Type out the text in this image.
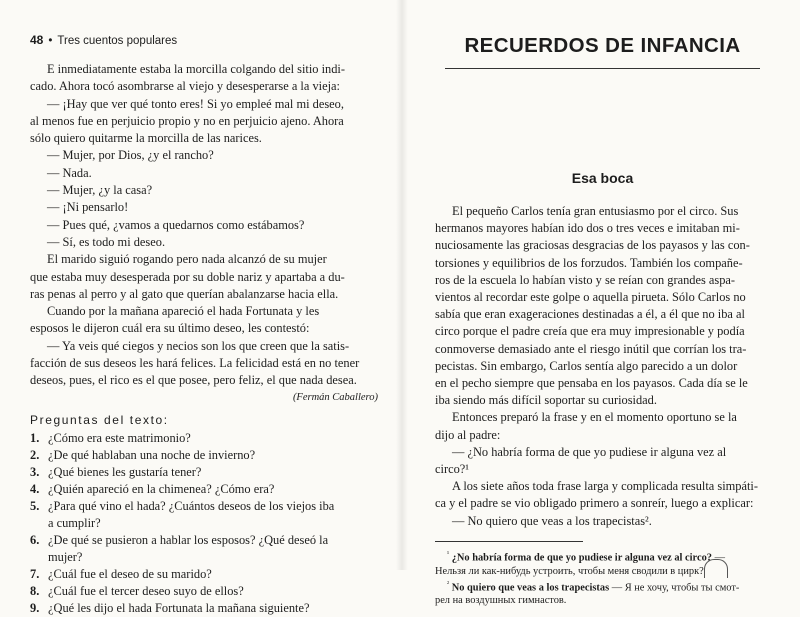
48 • Tres cuentos populares

E inmediatamente estaba la morcilla colgando del sitio indi-

cado. Ahora tocó asombrarse al viejo y desesperarse a la vieja:

— ¡Hay que ver qué tonto eres! Si yo empleé mal mi deseo,

al menos fue en perjuicio propio y no en perjuicio ajeno. Ahora

sólo quiero quitarme la morcilla de las narices.

— Mujer, por Dios, ¿y el rancho?

— Nada.

— Mujer, ¿y la casa?

— ¡Ni pensarlo!

— Pues qué, ¿vamos a quedarnos como estábamos?

— Sí, es todo mi deseo.

El marido siguió rogando pero nada alcanzó de su mujer

que estaba muy desesperada por su doble nariz y apartaba a du-

ras penas al perro y al gato que querían abalanzarse hacia ella.

Cuando por la mañana apareció el hada Fortunata y les

esposos le dijeron cuál era su último deseo, les contestó:

— Ya veis qué ciegos y necios son los que creen que la satis-

facción de sus deseos les hará felices. La felicidad está en no tener

deseos, pues, el rico es el que posee, pero feliz, el que nada desea.

(Fermán Caballero)
Preguntas del texto:
1. ¿Cómo era este matrimonio?
2. ¿De qué hablaban una noche de invierno?
3. ¿Qué bienes les gustaría tener?
4. ¿Quién apareció en la chimenea? ¿Cómo era?
5. ¿Para qué vino el hada? ¿Cuántos deseos de los viejos iba
a cumplir?
6. ¿De qué se pusieron a hablar los esposos? ¿Qué deseó la
mujer?
7. ¿Cuál fue el deseo de su marido?
8. ¿Cuál fue el tercer deseo suyo de ellos?
9. ¿Qué les dijo el hada Fortunata la mañana siguiente?
RECUERDOS DE INFANCIA
Esa boca

El pequeño Carlos tenía gran entusiasmo por el circo. Sus

hermanos mayores habían ido dos o tres veces e imitaban mi-

nuciosamente las graciosas desgracias de los payasos y las con-

torsiones y equilibrios de los forzudos. También los compañe-

ros de la escuela lo habían visto y se reían con grandes aspa-

vientos al recordar este golpe o aquella pirueta. Sólo Carlos no

sabía que eran exageraciones destinadas a él, a él que no iba al

circo porque el padre creía que era muy impresionable y podía

conmoverse demasiado ante el riesgo inútil que corrían los tra-

pecistas. Sin embargo, Carlos sentía algo parecido a un dolor

en el pecho siempre que pensaba en los payasos. Cada día se le

iba siendo más difícil soportar su curiosidad.

Entonces preparó la frase y en el momento oportuno se la

dijo al padre:

— ¿No habría forma de que yo pudiese ir alguna vez al

circo?¹

A los siete años toda frase larga y complicada resulta simpáti-

ca y el padre se vio obligado primero a sonreír, luego a explicar:

— No quiero que veas a los trapecistas².

$^{^1}$ ¿No habría forma de que yo pudiese ir alguna vez al circo? —

Нельзя ли как-нибудь устроить, чтобы меня сводили в цирк?

$^{^2}$ No quiero que veas a los trapecistas — Я не хочу, чтобы ты смот-

рел на воздушных гимнастов.
